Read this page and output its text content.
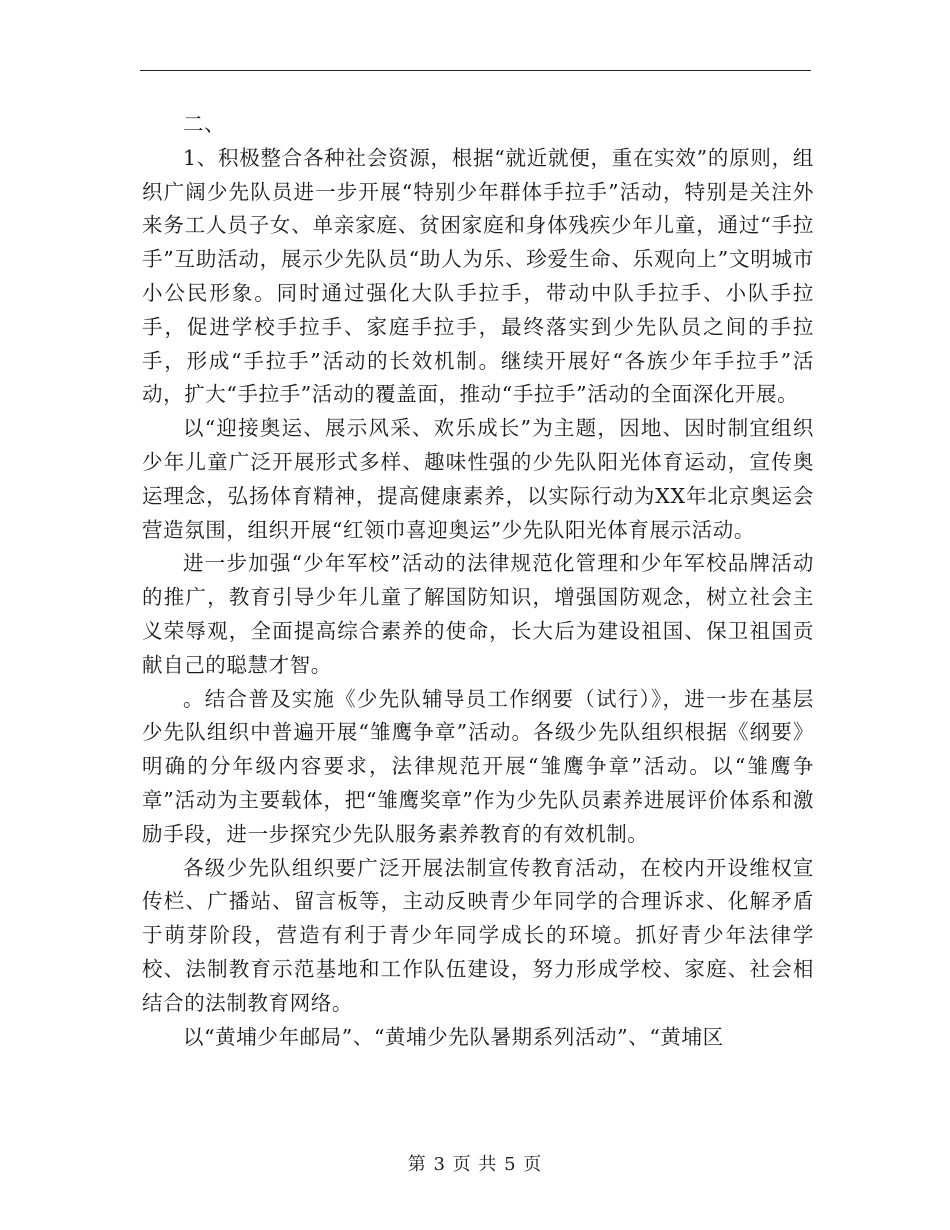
二、

1、积极整合各种社会资源，根据“就近就便，重在实效”的原则，组织广阔少先队员进一步开展“特别少年群体手拉手”活动，特别是关注外来务工人员子女、单亲家庭、贫困家庭和身体残疾少年儿童，通过“手拉手”互助活动，展示少先队员“助人为乐、珍爱生命、乐观向上”文明城市小公民形象。同时通过强化大队手拉手，带动中队手拉手、小队手拉手，促进学校手拉手、家庭手拉手，最终落实到少先队员之间的手拉手，形成“手拉手”活动的长效机制。继续开展好“各族少年手拉手”活动，扩大“手拉手”活动的覆盖面，推动“手拉手”活动的全面深化开展。

以“迎接奥运、展示风采、欢乐成长”为主题，因地、因时制宜组织少年儿童广泛开展形式多样、趣味性强的少先队阳光体育运动，宣传奥运理念，弘扬体育精神，提高健康素养，以实际行动为XX年北京奥运会营造氛围，组织开展“红领巾喜迎奥运”少先队阳光体育展示活动。

进一步加强“少年军校”活动的法律规范化管理和少年军校品牌活动的推广，教育引导少年儿童了解国防知识，增强国防观念，树立社会主义荣辱观，全面提高综合素养的使命，长大后为建设祖国、保卫祖国贡献自己的聪慧才智。

。结合普及实施《少先队辅导员工作纲要（试行）》，进一步在基层少先队组织中普遍开展“雏鹰争章”活动。各级少先队组织根据《纲要》明确的分年级内容要求，法律规范开展“雏鹰争章”活动。以“雏鹰争章”活动为主要载体，把“雏鹰奖章”作为少先队员素养进展评价体系和激励手段，进一步探究少先队服务素养教育的有效机制。

各级少先队组织要广泛开展法制宣传教育活动，在校内开设维权宣传栏、广播站、留言板等，主动反映青少年同学的合理诉求、化解矛盾于萌芽阶段，营造有利于青少年同学成长的环境。抓好青少年法律学校、法制教育示范基地和工作队伍建设，努力形成学校、家庭、社会相结合的法制教育网络。

以“黄埔少年邮局”、“黄埔少先队暑期系列活动”、“黄埔区

第 3 页 共 5 页
